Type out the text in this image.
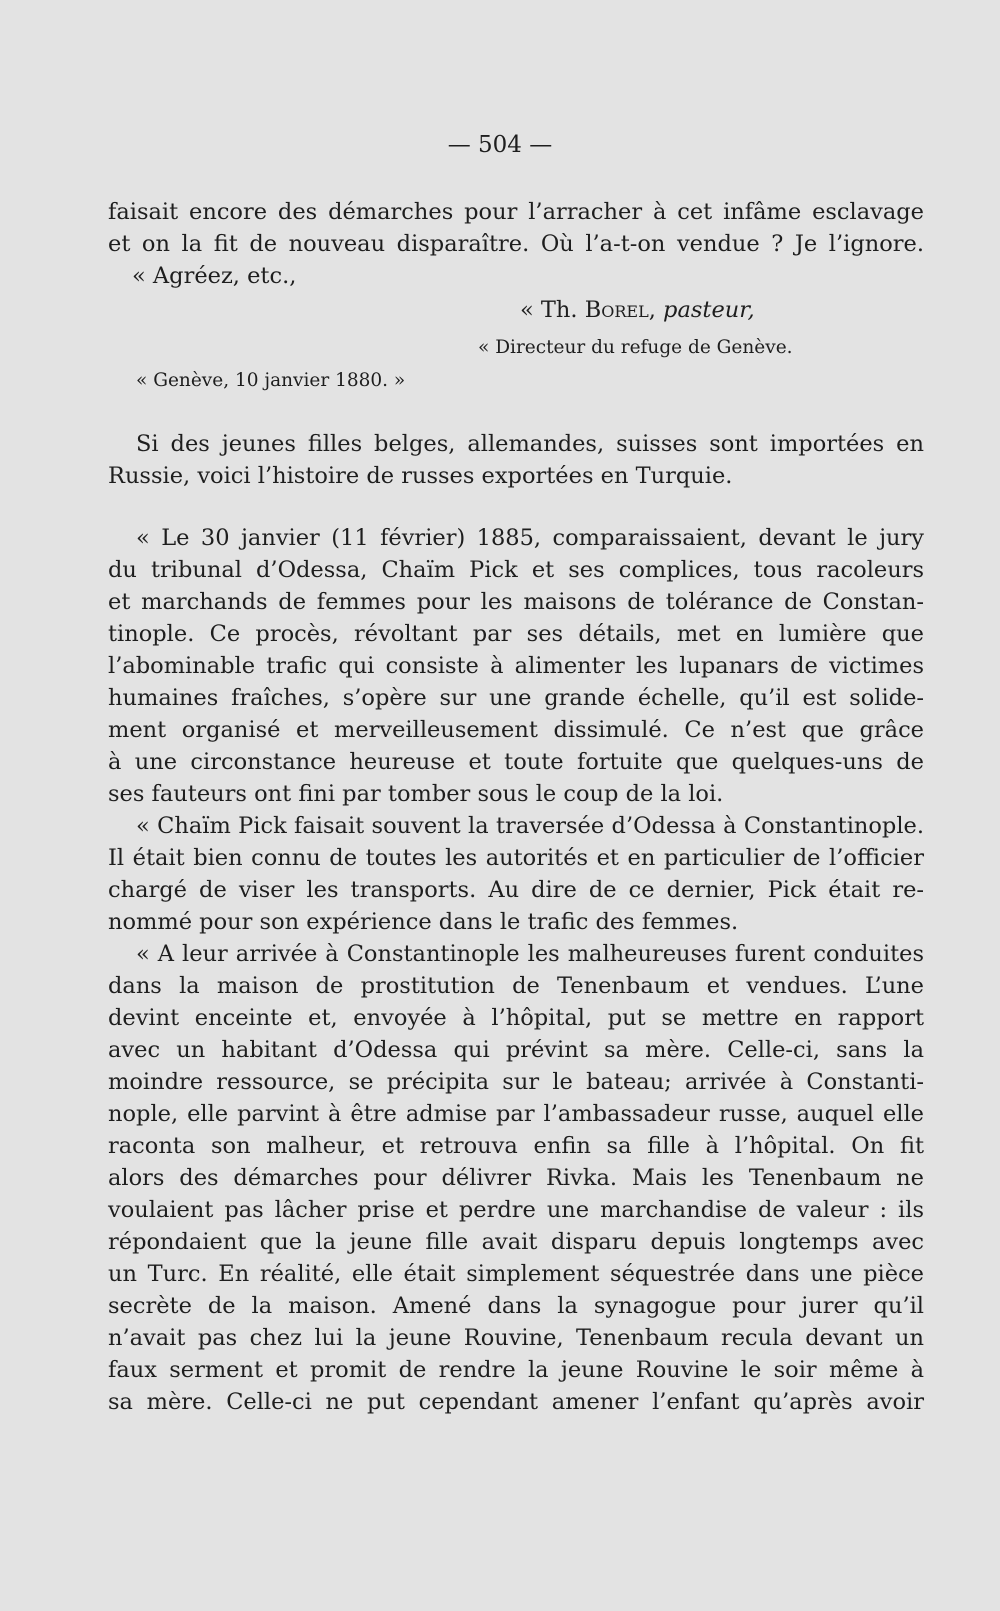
— 504 —
faisait encore des démarches pour l’arracher à cet infâme esclavage
et on la fit de nouveau disparaître. Où l’a-t-on vendue ? Je l’ignore.
« Agréez, etc.,
« Th. Borel, pasteur,
« Directeur du refuge de Genève.
« Genève, 10 janvier 1880. »
Si des jeunes filles belges, allemandes, suisses sont importées en
Russie, voici l’histoire de russes exportées en Turquie.
« Le 30 janvier (11 février) 1885, comparaissaient, devant le jury
du tribunal d’Odessa, Chaïm Pick et ses complices, tous racoleurs
et marchands de femmes pour les maisons de tolérance de Constan-
tinople. Ce procès, révoltant par ses détails, met en lumière que
l’abominable trafic qui consiste à alimenter les lupanars de victimes
humaines fraîches, s’opère sur une grande échelle, qu’il est solide-
ment organisé et merveilleusement dissimulé. Ce n’est que grâce
à une circonstance heureuse et toute fortuite que quelques-uns de
ses fauteurs ont fini par tomber sous le coup de la loi.
« Chaïm Pick faisait souvent la traversée d’Odessa à Constantinople.
Il était bien connu de toutes les autorités et en particulier de l’officier
chargé de viser les transports. Au dire de ce dernier, Pick était re-
nommé pour son expérience dans le trafic des femmes.
« A leur arrivée à Constantinople les malheureuses furent conduites
dans la maison de prostitution de Tenenbaum et vendues. L’une
devint enceinte et, envoyée à l’hôpital, put se mettre en rapport
avec un habitant d’Odessa qui prévint sa mère. Celle-ci, sans la
moindre ressource, se précipita sur le bateau; arrivée à Constanti-
nople, elle parvint à être admise par l’ambassadeur russe, auquel elle
raconta son malheur, et retrouva enfin sa fille à l’hôpital. On fit
alors des démarches pour délivrer Rivka. Mais les Tenenbaum ne
voulaient pas lâcher prise et perdre une marchandise de valeur : ils
répondaient que la jeune fille avait disparu depuis longtemps avec
un Turc. En réalité, elle était simplement séquestrée dans une pièce
secrète de la maison. Amené dans la synagogue pour jurer qu’il
n’avait pas chez lui la jeune Rouvine, Tenenbaum recula devant un
faux serment et promit de rendre la jeune Rouvine le soir même à
sa mère. Celle-ci ne put cependant amener l’enfant qu’après avoir
